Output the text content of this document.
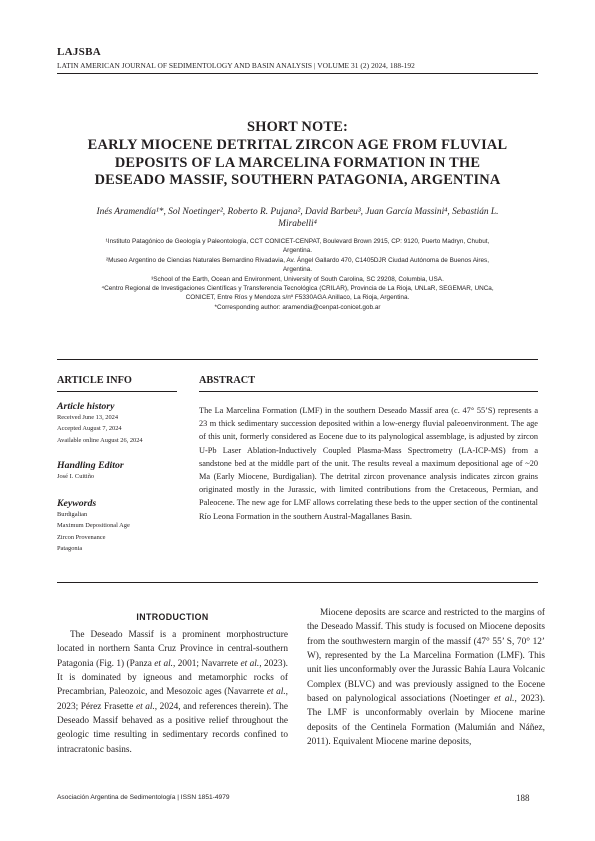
LAJSBA
LATIN AMERICAN JOURNAL OF SEDIMENTOLOGY AND BASIN ANALYSIS | VOLUME 31 (2) 2024, 188-192
SHORT NOTE:
EARLY MIOCENE DETRITAL ZIRCON AGE FROM FLUVIAL
DEPOSITS OF LA MARCELINA FORMATION IN THE
DESEADO MASSIF, SOUTHERN PATAGONIA, ARGENTINA
Inés Aramendía¹*, Sol Noetinger², Roberto R. Pujana², David Barbeu³, Juan García Massini⁴, Sebastián L.
Mirabelli⁴
¹Instituto Patagónico de Geología y Paleontología, CCT CONICET-CENPAT, Boulevard Brown 2915, CP: 9120, Puerto Madryn, Chubut,
Argentina.
²Museo Argentino de Ciencias Naturales Bernardino Rivadavia, Av. Ángel Gallardo 470, C1405DJR Ciudad Autónoma de Buenos Aires,
Argentina.
³School of the Earth, Ocean and Environment, University of South Carolina, SC 29208, Columbia, USA.
⁴Centro Regional de Investigaciones Científicas y Transferencia Tecnológica (CRILAR), Provincia de La Rioja, UNLaR, SEGEMAR, UNCa,
CONICET, Entre Ríos y Mendoza s/nº F5330AGA Anillaco, La Rioja, Argentina.
*Corresponding author: aramendia@cenpat-conicet.gob.ar
ARTICLE INFO	ABSTRACT
Article history
Received June 13, 2024
Accepted August 7, 2024
Available online August 26, 2024
Handling Editor
José I. Cuitiño
Keywords
Burdigalian
Maximum Depositional Age
Zircon Provenance
Patagonia
The La Marcelina Formation (LMF) in the southern Deseado Massif area (c. 47° 55’S) represents a 23 m thick sedimentary succession deposited within a low-energy fluvial paleoenvironment. The age of this unit, formerly considered as Eocene due to its palynological assemblage, is adjusted by zircon U-Pb Laser Ablation-Inductively Coupled Plasma-Mass Spectrometry (LA-ICP-MS) from a sandstone bed at the middle part of the unit. The results reveal a maximum depositional age of ~20 Ma (Early Miocene, Burdigalian). The detrital zircon provenance analysis indicates zircon grains originated mostly in the Jurassic, with limited contributions from the Cretaceous, Permian, and Paleocene. The new age for LMF allows correlating these beds to the upper section of the continental Río Leona Formation in the southern Austral-Magallanes Basin.
INTRODUCTION

The Deseado Massif is a prominent morphostructure located in northern Santa Cruz Province in central-southern Patagonia (Fig. 1) (Panza et al., 2001; Navarrete et al., 2023). It is dominated by igneous and metamorphic rocks of Precambrian, Paleozoic, and Mesozoic ages (Navarrete et al., 2023; Pérez Frasette et al., 2024, and references therein). The Deseado Massif behaved as a positive relief throughout the geologic time resulting in sedimentary records confined to intracratonic basins.

Miocene deposits are scarce and restricted to the margins of the Deseado Massif. This study is focused on Miocene deposits from the southwestern margin of the massif (47° 55’ S, 70° 12’ W), represented by the La Marcelina Formation (LMF). This unit lies unconformably over the Jurassic Bahía Laura Volcanic Complex (BLVC) and was previously assigned to the Eocene based on palynological associations (Noetinger et al., 2023). The LMF is unconformably overlain by Miocene marine deposits of the Centinela Formation (Malumián and Náñez, 2011). Equivalent Miocene marine deposits,

Asociación Argentina de Sedimentología | ISSN 1851-4979	188
